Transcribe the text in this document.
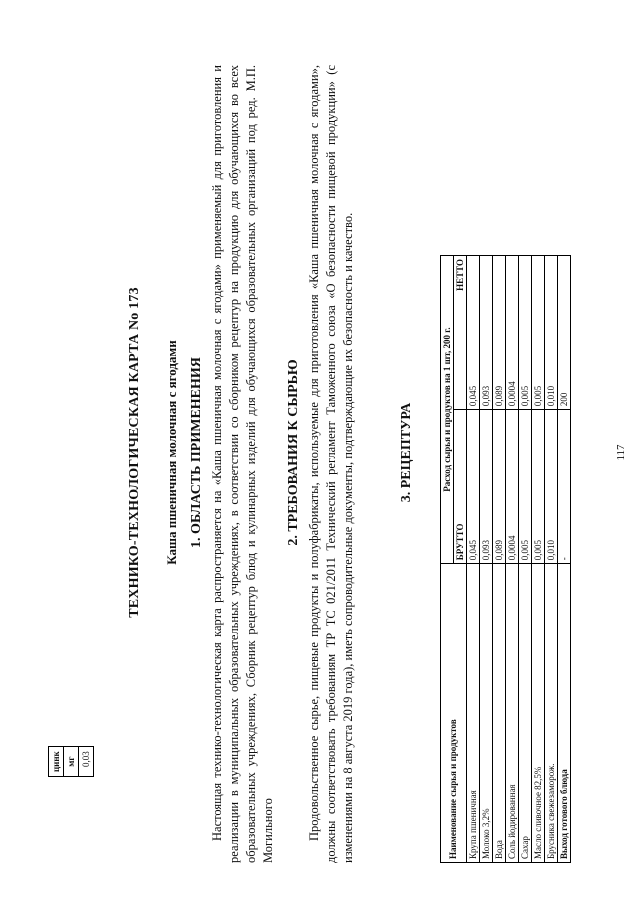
цинк
мг
0,03
ТЕХНИКО-ТЕХНОЛОГИЧЕСКАЯ КАРТА No 173 Каша пшеничная молочная с ягодами 1. ОБЛАСТЬ ПРИМЕНЕНИЯ Настоящая технико-технологическая карта распространяется на «Каша пшеничная молочная с ягодами» применяемый для приготовления и реализации в муниципальных образовательных учреждениях, в соответствии со сборником рецептур на продукцию для обучающихся во всех образовательных учреждениях, Сборник рецептур блюд и кулинарных изделий для обучающихся образовательных организаций под ред. М.П. Могильного
2. ТРЕБОВАНИЯ К СЫРЬЮ Продовольственное сырье, пищевые продукты и полуфабрикаты, используемые для приготовления «Каша пшеничная молочная с ягодами», должны соответствовать требованиям ТР ТС 021/2011 Технический регламент Таможенного союза «О безопасности пищевой продукции» (с изменениями на 8 августа 2019 года), иметь сопроводительные документы, подтверждающие их безопасность и качество.	3. РЕЦЕПТУРА
Наименование сырья и продуктов	Расход сырья и продуктов на 1 шт, 200 г.	
	БРУТТО	НЕТТО
Крупа пшеничная	0,045	0,045
Молоко 3,2%	0,093	0,093
Вода	0,089	0,089
Соль йодированная	0,0004	0,0004
Сахар	0,005	0,005
Масло сливочное 82,5%	0,005	0,005
Брусника свежезаморож.	0,010	0,010
Выход готового блюда	-	200
117
